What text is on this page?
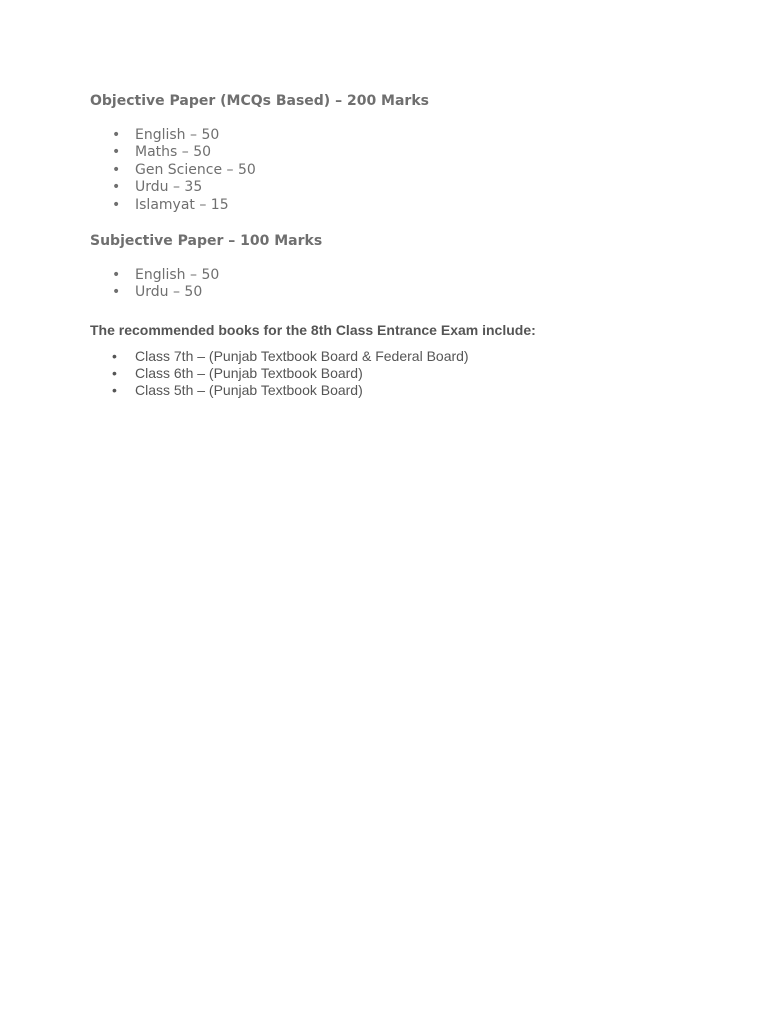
Objective Paper (MCQs Based) – 200 Marks
• English – 50
• Maths – 50
• Gen Science – 50
• Urdu – 35
• Islamyat – 15
Subjective Paper – 100 Marks
• English – 50
• Urdu – 50
The recommended books for the 8th Class Entrance Exam include:
• Class 7th – (Punjab Textbook Board & Federal Board)
• Class 6th – (Punjab Textbook Board)
• Class 5th – (Punjab Textbook Board)
